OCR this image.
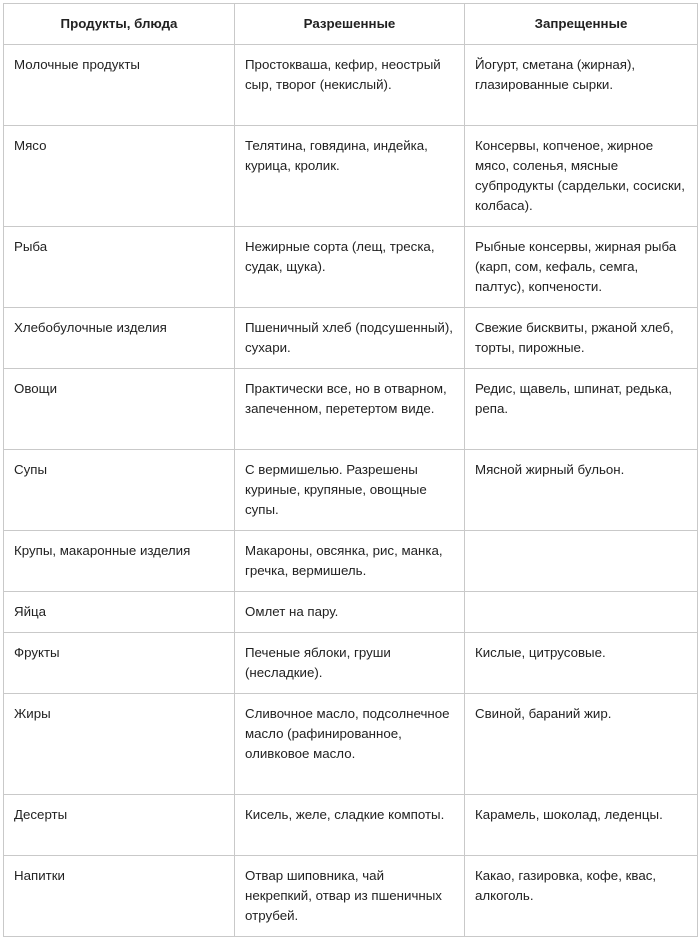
Продукты, блюда	Разрешенные	Запрещенные

Молочные продукты	Простокваша, кефир, неострый сыр, творог (некислый).	Йогурт, сметана (жирная), глазированные сырки.

Мясо	Телятина, говядина, индейка, курица, кролик.	Консервы, копченое, жирное мясо, соленья, мясные субпродукты (сардельки, сосиски, колбаса).

Рыба	Нежирные сорта (лещ, треска, судак, щука).	Рыбные консервы, жирная рыба (карп, сом, кефаль, семга, палтус), копчености.

Хлебобулочные изделия	Пшеничный хлеб (подсушенный), сухари.	Свежие бисквиты, ржаной хлеб, торты, пирожные.

Овощи	Практически все, но в отварном, запеченном, перетертом виде.	Редис, щавель, шпинат, редька, репа.

Супы	С вермишелью. Разрешены куриные, крупяные, овощные супы.	Мясной жирный бульон.

Крупы, макаронные изделия	Макароны, овсянка, рис, манка, гречка, вермишель.	

Яйца	Омлет на пару.	

Фрукты	Печеные яблоки, груши (несладкие).	Кислые, цитрусовые.

Жиры	Сливочное масло, подсолнечное масло (рафинированное, оливковое масло.	Свиной, бараний жир.

Десерты	Кисель, желе, сладкие компоты.	Карамель, шоколад, леденцы.

Напитки	Отвар шиповника, чай некрепкий, отвар из пшеничных отрубей.	Какао, газировка, кофе, квас, алкоголь.
